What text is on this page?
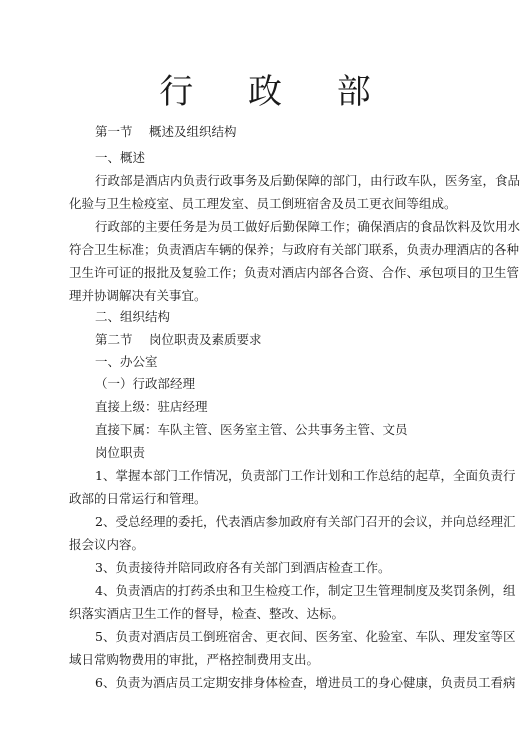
行 政 部
第一节　 概述及组织结构
一、概述
行政部是酒店内负责行政事务及后勤保障的部门，由行政车队，医务室，食品
化验与卫生检疫室、员工理发室、员工倒班宿舍及员工更衣间等组成。
行政部的主要任务是为员工做好后勤保障工作；确保酒店的食品饮料及饮用水
符合卫生标准；负责酒店车辆的保养；与政府有关部门联系，负责办理酒店的各种
卫生许可证的报批及复验工作；负责对酒店内部各合资、合作、承包项目的卫生管
理并协调解决有关事宜。
二、组织结构
第二节　 岗位职责及素质要求
一、办公室
（一）行政部经理
直接上级：驻店经理
直接下属：车队主管、医务室主管、公共事务主管、文员
岗位职责
1、掌握本部门工作情况，负责部门工作计划和工作总结的起草，全面负责行
政部的日常运行和管理。
2、受总经理的委托，代表酒店参加政府有关部门召开的会议，并向总经理汇
报会议内容。
3、负责接待并陪同政府各有关部门到酒店检查工作。
4、负责酒店的打药杀虫和卫生检疫工作，制定卫生管理制度及奖罚条例，组
织落实酒店卫生工作的督导，检查、整改、达标。
5、负责对酒店员工倒班宿舍、更衣间、医务室、化验室、车队、理发室等区
域日常购物费用的审批，严格控制费用支出。
6、负责为酒店员工定期安排身体检查，增进员工的身心健康，负责员工看病
